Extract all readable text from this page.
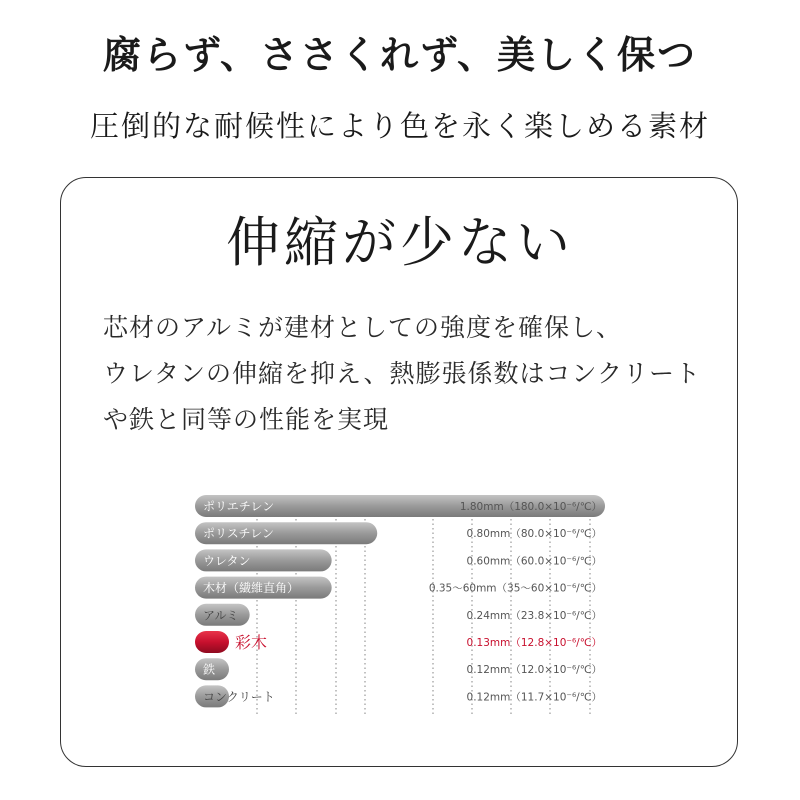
腐らず、ささくれず、美しく保つ
圧倒的な耐候性により色を永く楽しめる素材
伸縮が少ない
芯材のアルミが建材としての強度を確保し、
ウレタンの伸縮を抑え、熱膨張係数はコンクリート
や鉄と同等の性能を実現
ポリエチレン	1.80mm（180.0×10⁻⁶/℃）
ポリスチレン	0.80mm（80.0×10⁻⁶/℃）
ウレタン	0.60mm（60.0×10⁻⁶/℃）
木材（繊維直角）	0.35～60mm（35～60×10⁻⁶/℃）
アルミ	0.24mm（23.8×10⁻⁶/℃）
彩木	0.13mm（12.8×10⁻⁶/℃）
鉄	0.12mm（12.0×10⁻⁶/℃）
コンクリート	0.12mm（11.7×10⁻⁶/℃）
